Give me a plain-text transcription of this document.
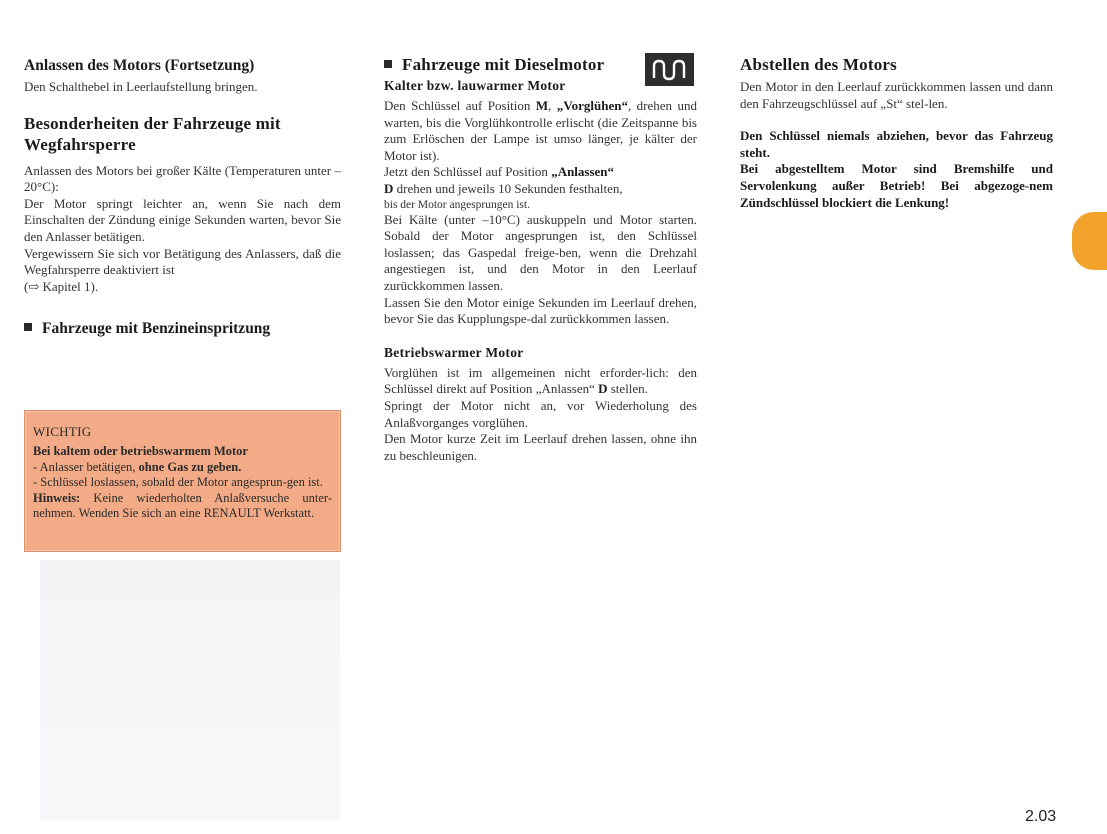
Anlassen des Motors (Fortsetzung)

Den Schalthebel in Leerlaufstellung bringen.

Besonderheiten der Fahrzeuge mit Wegfahrsperre

Anlassen des Motors bei großer Kälte (Temperaturen unter –20°C):

Der Motor springt leichter an, wenn Sie nach dem Einschalten der Zündung einige Sekunden warten, bevor Sie den Anlasser betätigen.

Vergewissern Sie sich vor Betätigung des Anlassers, daß die Wegfahrsperre deaktiviert ist

(⇨ Kapitel 1).

Fahrzeuge mit Benzineinspritzung

WICHTIG

Bei kaltem oder betriebswarmem Motor

- Anlasser betätigen, ohne Gas zu geben.

- Schlüssel loslassen, sobald der Motor angesprun-gen ist.

Hinweis: Keine wiederholten Anlaßversuche unter-nehmen. Wenden Sie sich an eine RENAULT Werkstatt.

Fahrzeuge mit Dieselmotor

Kalter bzw. lauwarmer Motor

Den Schlüssel auf Position M, „Vorglühen“, drehen und warten, bis die Vorglühkontrolle erlischt (die Zeitspanne bis zum Erlöschen der Lampe ist umso länger, je kälter der Motor ist).

Jetzt den Schlüssel auf Position „Anlassen“
D drehen und jeweils 10 Sekunden festhalten,

bis der Motor angesprungen ist.

Bei Kälte (unter –10°C) auskuppeln und Motor starten. Sobald der Motor angesprungen ist, den Schlüssel loslassen; das Gaspedal freige-ben, wenn die Drehzahl angestiegen ist, und den Motor in den Leerlauf zurückkommen lassen.

Lassen Sie den Motor einige Sekunden im Leerlauf drehen, bevor Sie das Kupplungspe-dal zurückkommen lassen.

Betriebswarmer Motor

Vorglühen ist im allgemeinen nicht erforder-lich: den Schlüssel direkt auf Position „Anlassen“ D stellen.

Springt der Motor nicht an, vor Wiederholung des Anlaßvorganges vorglühen.

Den Motor kurze Zeit im Leerlauf drehen lassen, ohne ihn zu beschleunigen.

Abstellen des Motors

Den Motor in den Leerlauf zurückkommen lassen und dann den Fahrzeugschlüssel auf „St“ stel-len.

Den Schlüssel niemals abziehen, bevor das Fahrzeug steht.

Bei abgestelltem Motor sind Bremshilfe und Servolenkung außer Betrieb! Bei abgezoge-nem Zündschlüssel blockiert die Lenkung!

2.03
